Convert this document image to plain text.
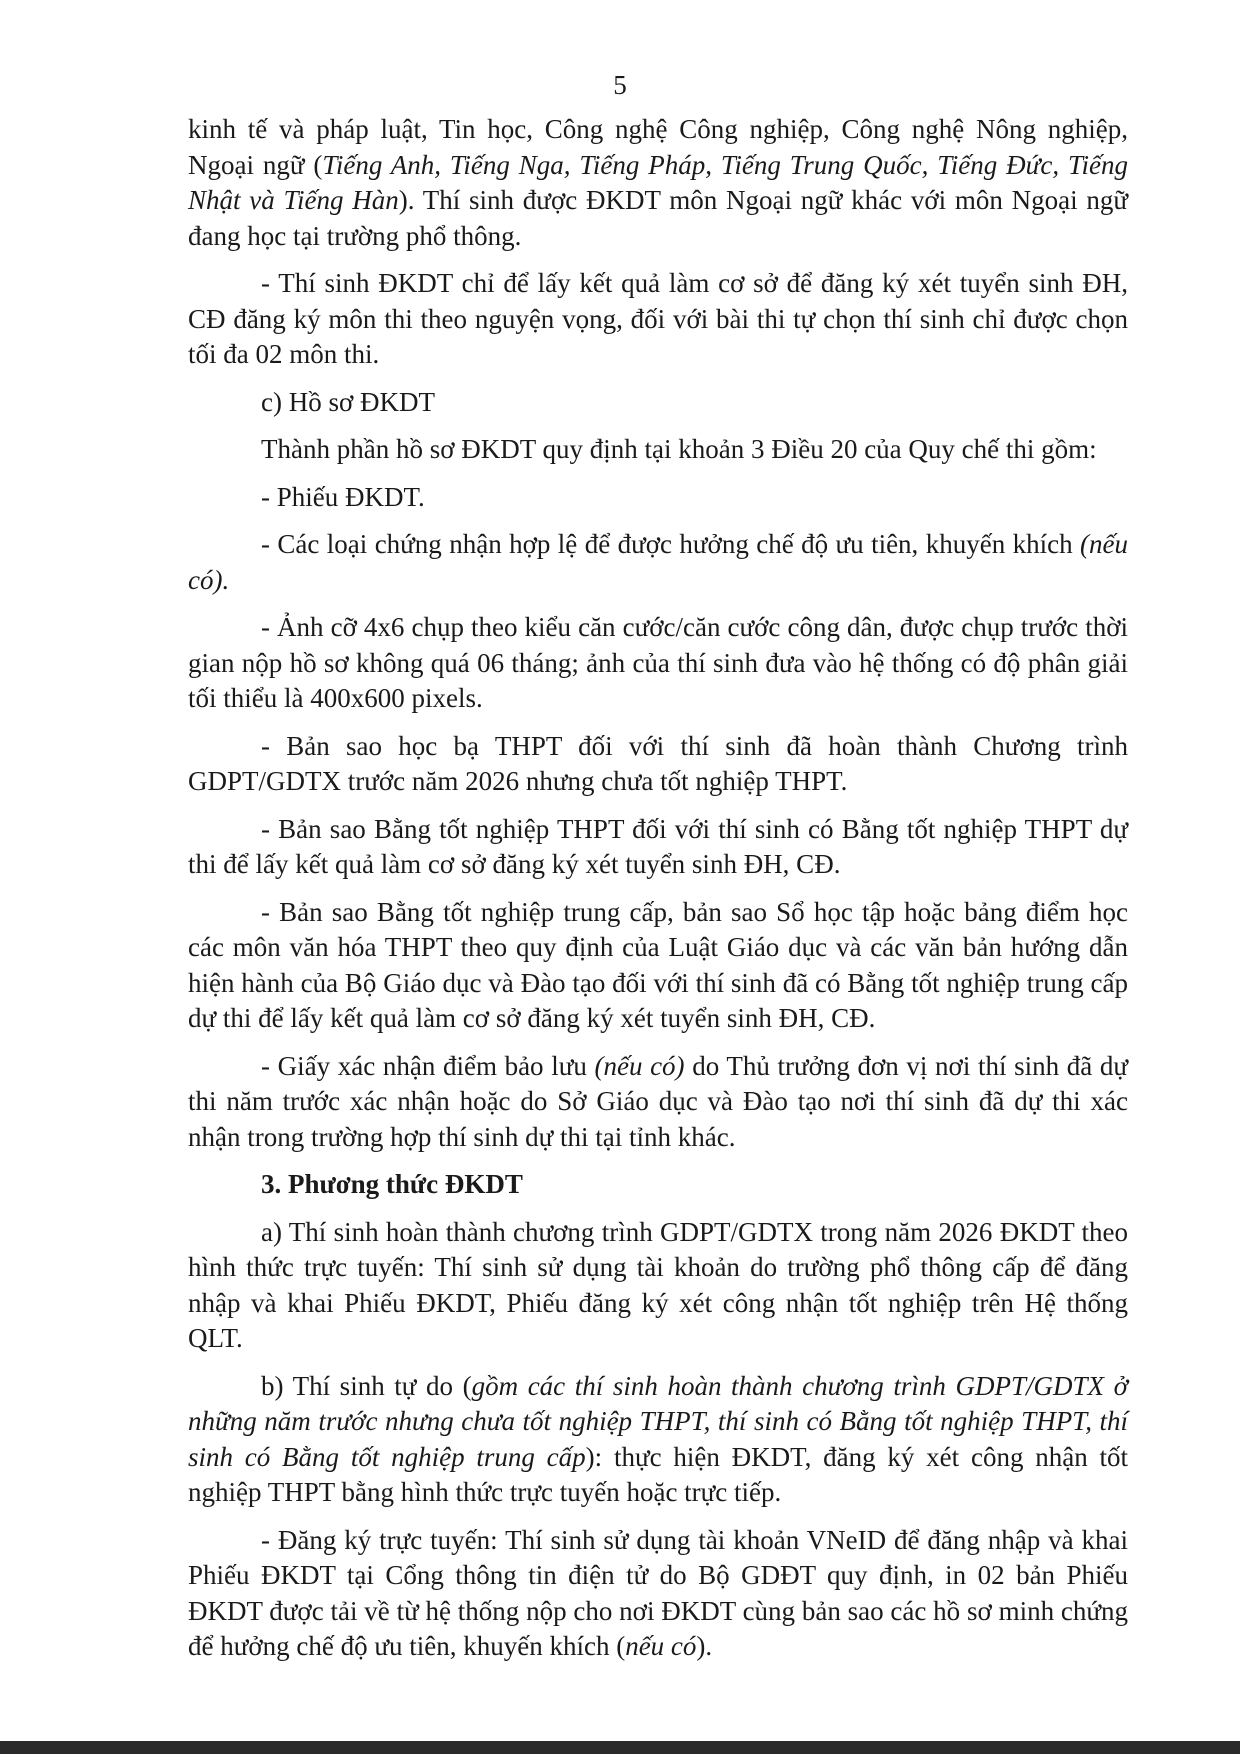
5

kinh tế và pháp luật, Tin học, Công nghệ Công nghiệp, Công nghệ Nông nghiệp, Ngoại ngữ (Tiếng Anh, Tiếng Nga, Tiếng Pháp, Tiếng Trung Quốc, Tiếng Đức, Tiếng Nhật và Tiếng Hàn). Thí sinh được ĐKDT môn Ngoại ngữ khác với môn Ngoại ngữ đang học tại trường phổ thông.

- Thí sinh ĐKDT chỉ để lấy kết quả làm cơ sở để đăng ký xét tuyển sinh ĐH, CĐ đăng ký môn thi theo nguyện vọng, đối với bài thi tự chọn thí sinh chỉ được chọn tối đa 02 môn thi.

c) Hồ sơ ĐKDT

Thành phần hồ sơ ĐKDT quy định tại khoản 3 Điều 20 của Quy chế thi gồm:

- Phiếu ĐKDT.

- Các loại chứng nhận hợp lệ để được hưởng chế độ ưu tiên, khuyến khích (nếu có).

- Ảnh cỡ 4x6 chụp theo kiểu căn cước/căn cước công dân, được chụp trước thời gian nộp hồ sơ không quá 06 tháng; ảnh của thí sinh đưa vào hệ thống có độ phân giải tối thiểu là 400x600 pixels.

- Bản sao học bạ THPT đối với thí sinh đã hoàn thành Chương trình GDPT/GDTX trước năm 2026 nhưng chưa tốt nghiệp THPT.

- Bản sao Bằng tốt nghiệp THPT đối với thí sinh có Bằng tốt nghiệp THPT dự thi để lấy kết quả làm cơ sở đăng ký xét tuyển sinh ĐH, CĐ.

- Bản sao Bằng tốt nghiệp trung cấp, bản sao Sổ học tập hoặc bảng điểm học các môn văn hóa THPT theo quy định của Luật Giáo dục và các văn bản hướng dẫn hiện hành của Bộ Giáo dục và Đào tạo đối với thí sinh đã có Bằng tốt nghiệp trung cấp dự thi để lấy kết quả làm cơ sở đăng ký xét tuyển sinh ĐH, CĐ.

- Giấy xác nhận điểm bảo lưu (nếu có) do Thủ trưởng đơn vị nơi thí sinh đã dự thi năm trước xác nhận hoặc do Sở Giáo dục và Đào tạo nơi thí sinh đã dự thi xác nhận trong trường hợp thí sinh dự thi tại tỉnh khác.

3. Phương thức ĐKDT

a) Thí sinh hoàn thành chương trình GDPT/GDTX trong năm 2026 ĐKDT theo hình thức trực tuyến: Thí sinh sử dụng tài khoản do trường phổ thông cấp để đăng nhập và khai Phiếu ĐKDT, Phiếu đăng ký xét công nhận tốt nghiệp trên Hệ thống QLT.

b) Thí sinh tự do (gồm các thí sinh hoàn thành chương trình GDPT/GDTX ở những năm trước nhưng chưa tốt nghiệp THPT, thí sinh có Bằng tốt nghiệp THPT, thí sinh có Bằng tốt nghiệp trung cấp): thực hiện ĐKDT, đăng ký xét công nhận tốt nghiệp THPT bằng hình thức trực tuyến hoặc trực tiếp.

- Đăng ký trực tuyến: Thí sinh sử dụng tài khoản VNeID để đăng nhập và khai Phiếu ĐKDT tại Cổng thông tin điện tử do Bộ GDĐT quy định, in 02 bản Phiếu ĐKDT được tải về từ hệ thống nộp cho nơi ĐKDT cùng bản sao các hồ sơ minh chứng để hưởng chế độ ưu tiên, khuyến khích (nếu có).
